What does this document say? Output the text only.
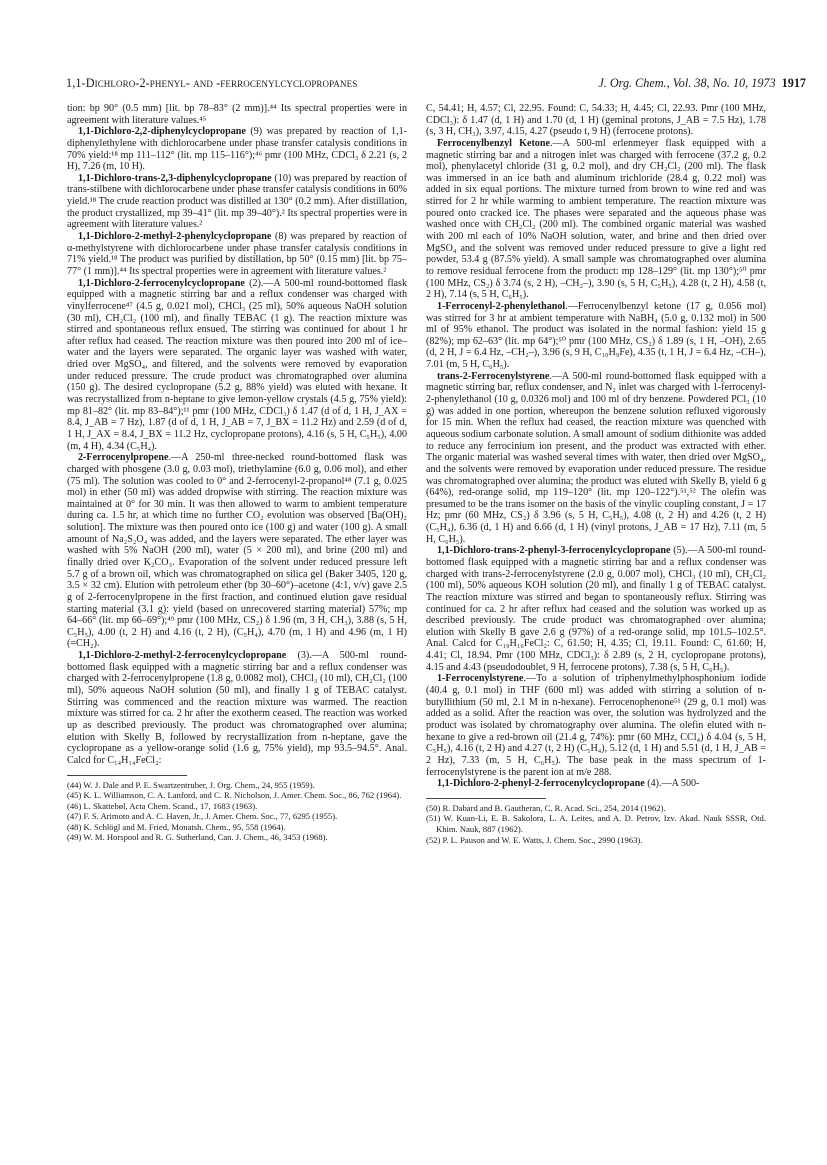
1,1-Dichloro-2-phenyl- and -ferrocenylcyclopropanes	J. Org. Chem., Vol. 38, No. 10, 1973 1917

tion: bp 90° (0.5 mm) [lit. bp 78–83° (2 mm)].⁴⁴ Its spectral properties were in agreement with literature values.⁴⁵

1,1-Dichloro-2,2-diphenylcyclopropane (9) was prepared by reaction of 1,1-diphenylethylene with dichlorocarbene under phase transfer catalysis conditions in 70% yield:¹⁸ mp 111–112° (lit. mp 115–116°);⁴⁶ pmr (100 MHz, CDCl₃ δ 2.21 (s, 2 H), 7.26 (m, 10 H).

1,1-Dichloro-trans-2,3-diphenylcyclopropane (10) was prepared by reaction of trans-stilbene with dichlorocarbene under phase transfer catalysis conditions in 60% yield.¹⁸ The crude reaction product was distilled at 130° (0.2 mm). After distillation, the product crystallized, mp 39–41° (lit. mp 39–40°).² Its spectral properties were in agreement with literature values.²

1,1-Dichloro-2-methyl-2-phenylcyclopropane (8) was prepared by reaction of α-methylstyrene with dichlorocarbene under phase transfer catalysis conditions in 71% yield.¹⁸ The product was purified by distillation, bp 50° (0.15 mm) [lit. bp 75–77° (1 mm)].⁴⁴ Its spectral properties were in agreement with literature values.²

1,1-Dichloro-2-ferrocenylcyclopropane (2).—A 500-ml round-bottomed flask equipped with a magnetic stirring bar and a reflux condenser was charged with vinylferrocene⁴⁷ (4.5 g, 0.021 mol), CHCl₃ (25 ml), 50% aqueous NaOH solution (30 ml), CH₂Cl₂ (100 ml), and finally TEBAC (1 g). The reaction mixture was stirred and spontaneous reflux ensued. The stirring was continued for about 1 hr after reflux had ceased. The reaction mixture was then poured into 200 ml of ice–water and the layers were separated. The organic layer was washed with water, dried over MgSO₄, and filtered, and the solvents were removed by evaporation under reduced pressure. The crude product was chromatographed over alumina (150 g). The desired cyclopropane (5.2 g, 88% yield) was eluted with hexane. It was recrystallized from n-heptane to give lemon-yellow crystals (4.5 g, 75% yield): mp 81–82° (lit. mp 83–84°);¹¹ pmr (100 MHz, CDCl₃) δ 1.47 (d of d, 1 H, J_AX = 8.4, J_AB = 7 Hz), 1.87 (d of d, 1 H, J_AB = 7, J_BX = 11.2 Hz) and 2.59 (d of d, 1 H, J_AX = 8.4, J_BX = 11.2 Hz, cyclopropane protons), 4.16 (s, 5 H, C₅H₅), 4.00 (m, 4 H), 4.34 (C₅H₄).

2-Ferrocenylpropene.—A 250-ml three-necked round-bottomed flask was charged with phosgene (3.0 g, 0.03 mol), triethylamine (6.0 g, 0.06 mol), and ether (75 ml). The solution was cooled to 0° and 2-ferrocenyl-2-propanol⁴⁸ (7.1 g, 0.025 mol) in ether (50 ml) was added dropwise with stirring. The reaction mixture was maintained at 0° for 30 min. It was then allowed to warm to ambient temperature during ca. 1.5 hr, at which time no further CO₂ evolution was observed [Ba(OH)₂ solution]. The mixture was then poured onto ice (100 g) and water (100 g). A small amount of Na₂S₂O₄ was added, and the layers were separated. The ether layer was washed with 5% NaOH (200 ml), water (5 × 200 ml), and brine (200 ml) and finally dried over K₂CO₃. Evaporation of the solvent under reduced pressure left 5.7 g of a brown oil, which was chromatographed on silica gel (Baker 3405, 120 g, 3.5 × 32 cm). Elution with petroleum ether (bp 30–60°)–acetone (4:1, v/v) gave 2.5 g of 2-ferrocenylpropene in the first fraction, and continued elution gave residual starting material (3.1 g): yield (based on unrecovered starting material) 57%; mp 64–66° (lit. mp 66–69°);⁴⁹ pmr (100 MHz, CS₂) δ 1.96 (m, 3 H, CH₃), 3.88 (s, 5 H, C₅H₅), 4.00 (t, 2 H) and 4.16 (t, 2 H), (C₅H₄), 4.70 (m, 1 H) and 4.96 (m, 1 H) (=CH₂).

1,1-Dichloro-2-methyl-2-ferrocenylcyclopropane (3).—A 500-ml round-bottomed flask equipped with a magnetic stirring bar and a reflux condenser was charged with 2-ferrocenylpropene (1.8 g, 0.0082 mol), CHCl₃ (10 ml), CH₂Cl₂ (100 ml), 50% aqueous NaOH solution (50 ml), and finally 1 g of TEBAC catalyst. Stirring was commenced and the reaction mixture was warmed. The reaction mixture was stirred for ca. 2 hr after the exotherm ceased. The reaction was worked up as described previously. The product was chromatographed over alumina; elution with Skelly B, followed by recrystallization from n-heptane, gave the cyclopropane as a yellow-orange solid (1.6 g, 75% yield), mp 93.5–94.5°. Anal. Calcd for C₁₄H₁₄FeCl₂:

(44) W. J. Dale and P. E. Swartzentruber, J. Org. Chem., 24, 955 (1959).
(45) K. L. Williamson, C. A. Lanford, and C. R. Nicholson, J. Amer. Chem. Soc., 86, 762 (1964).
(46) L. Skattebøl, Acta Chem. Scand., 17, 1683 (1963).
(47) F. S. Arimoto and A. C. Haven, Jr., J. Amer. Chem. Soc., 77, 6295 (1955).
(48) K. Schlögl and M. Fried, Monatsh. Chem., 95, 558 (1964).
(49) W. M. Horspool and R. G. Sutherland, Can. J. Chem., 46, 3453 (1968).

C, 54.41; H, 4.57; Cl, 22.95. Found: C, 54.33; H, 4.45; Cl, 22.93. Pmr (100 MHz, CDCl₃): δ 1.47 (d, 1 H) and 1.70 (d, 1 H) (geminal protons, J_AB = 7.5 Hz), 1.78 (s, 3 H, CH₃), 3.97, 4.15, 4.27 (pseudo t, 9 H) (ferrocene protons).

Ferrocenylbenzyl Ketone.—A 500-ml erlenmeyer flask equipped with a magnetic stirring bar and a nitrogen inlet was charged with ferrocene (37.2 g, 0.2 mol), phenylacetyl chloride (31 g, 0.2 mol), and dry CH₂Cl₂ (200 ml). The flask was immersed in an ice bath and aluminum trichloride (28.4 g, 0.22 mol) was added in six equal portions. The mixture turned from brown to wine red and was stirred for 2 hr while warming to ambient temperature. The reaction mixture was poured onto cracked ice. The phases were separated and the aqueous phase was washed once with CH₂Cl₂ (200 ml). The combined organic material was washed with 200 ml each of 10% NaOH solution, water, and brine and then dried over MgSO₄ and the solvent was removed under reduced pressure to give a light red powder, 53.4 g (87.5% yield). A small sample was chromatographed over alumina to remove residual ferrocene from the product: mp 128–129° (lit. mp 130°);⁵⁰ pmr (100 MHz, CS₂) δ 3.74 (s, 2 H), –CH₂–), 3.90 (s, 5 H, C₅H₅), 4.28 (t, 2 H), 4.58 (t, 2 H), 7.14 (s, 5 H, C₆H₅).

1-Ferrocenyl-2-phenylethanol.—Ferrocenylbenzyl ketone (17 g, 0.056 mol) was stirred for 3 hr at ambient temperature with NaBH₄ (5.0 g, 0.132 mol) in 500 ml of 95% ethanol. The product was isolated in the normal fashion: yield 15 g (82%); mp 62–63° (lit. mp 64°);⁵⁰ pmr (100 MHz, CS₂) δ 1.89 (s, 1 H, –OH), 2.65 (d, 2 H, J = 6.4 Hz, –CH₂–), 3.96 (s, 9 H, C₁₀H₉Fe), 4.35 (t, 1 H, J = 6.4 Hz, –CH–), 7.01 (m, 5 H, C₆H₅).

trans-2-Ferrocenylstyrene.—A 500-ml round-bottomed flask equipped with a magnetic stirring bar, reflux condenser, and N₂ inlet was charged with 1-ferrocenyl-2-phenylethanol (10 g, 0.0326 mol) and 100 ml of dry benzene. Powdered PCl₃ (10 g) was added in one portion, whereupon the benzene solution refluxed vigorously for 15 min. When the reflux had ceased, the reaction mixture was quenched with aqueous sodium carbonate solution. A small amount of sodium dithionite was added to reduce any ferrocinium ion present, and the product was extracted with ether. The organic material was washed several times with water, then dried over MgSO₄, and the solvents were removed by evaporation under reduced pressure. The residue was chromatographed over alumina; the product was eluted with Skelly B, yield 6 g (64%), red-orange solid, mp 119–120° (lit. mp 120–122°).⁵¹,⁵² The olefin was presumed to be the trans isomer on the basis of the vinylic coupling constant, J = 17 Hz; pmr (60 MHz, CS₂) δ 3.96 (s, 5 H, C₅H₅), 4.08 (t, 2 H) and 4.26 (t, 2 H) (C₅H₄), 6.36 (d, 1 H) and 6.66 (d, 1 H) (vinyl protons, J_AB = 17 Hz), 7.11 (m, 5 H, C₆H₅).

1,1-Dichloro-trans-2-phenyl-3-ferrocenylcyclopropane (5).—A 500-ml round-bottomed flask equipped with a magnetic stirring bar and a reflux condenser was charged with trans-2-ferrocenylstyrene (2.0 g, 0.007 mol), CHCl₃ (10 ml), CH₂Cl₂ (100 ml), 50% aqueous KOH solution (20 ml), and finally 1 g of TEBAC catalyst. The reaction mixture was stirred and began to spontaneously reflux. Stirring was continued for ca. 2 hr after reflux had ceased and the solution was worked up as described previously. The crude product was chromatographed over alumina; elution with Skelly B gave 2.6 g (97%) of a red-orange solid, mp 101.5–102.5°. Anal. Calcd for C₁₉H₁₆FeCl₂: C, 61.50; H, 4.35; Cl, 19.11. Found: C, 61.60; H, 4.41; Cl, 18.94. Pmr (100 MHz, CDCl₃): δ 2.89 (s, 2 H, cyclopropane protons), 4.15 and 4.43 (pseudodoublet, 9 H, ferrocene protons), 7.38 (s, 5 H, C₆H₅).

1-Ferrocenylstyrene.—To a solution of triphenylmethylphosphonium iodide (40.4 g, 0.1 mol) in THF (600 ml) was added with stirring a solution of n-butyllithium (50 ml, 2.1 M in n-hexane). Ferrocenophenone⁵¹ (29 g, 0.1 mol) was added as a solid. After the reaction was over, the solution was hydrolyzed and the product was isolated by chromatography over alumina. The olefin eluted with n-hexane to give a red-brown oil (21.4 g, 74%): pmr (60 MHz, CCl₄) δ 4.04 (s, 5 H, C₅H₅), 4.16 (t, 2 H) and 4.27 (t, 2 H) (C₅H₄), 5.12 (d, 1 H) and 5.51 (d, 1 H, J_AB = 2 Hz), 7.33 (m, 5 H, C₆H₅). The base peak in the mass spectrum of 1-ferrocenylstyrene is the parent ion at m/e 288.

1,1-Dichloro-2-phenyl-2-ferrocenylcyclopropane (4).—A 500-

(50) R. Dabard and B. Gautheran, C. R. Acad. Sci., 254, 2014 (1962).
(51) W. Kuan-Li, E. B. Sakolora, L. A. Leites, and A. D. Petrov, Izv. Akad. Nauk SSSR, Otd. Khim. Nauk, 887 (1962).
(52) P. L. Pauson and W. E. Watts, J. Chem. Soc., 2990 (1963).
